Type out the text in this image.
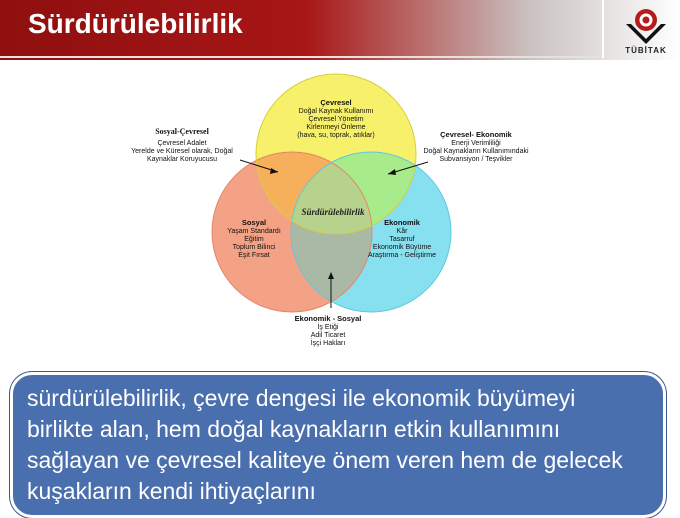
Sürdürülebilirlik
TÜBİTAK
Sürdürülebilirlik
Çevresel
Doğal Kaynak Kullanımı
Çevresel Yönetim
Kirlenmeyi Önleme
(hava, su, toprak, atıklar)
Sosyal
Yaşam Standardı
Eğitim
Toplum Bilinci
Eşit Fırsat
Ekonomik
Kâr
Tasarruf
Ekonomik Büyüme
Araştırma - Geliştirme
Sosyal-Çevresel
Çevresel Adalet
Yerelde ve Küresel olarak, Doğal
Kaynaklar Koruyucusu
Çevresel- Ekonomik
Enerji Verimliliği
Doğal Kaynakların Kullanımındaki
Subvansiyon / Teşvikler
Ekonomik - Sosyal
İş Etiği
Adil Ticaret
İşçi Hakları
sürdürülebilirlik, çevre dengesi ile ekonomik büyümeyi birlikte alan, hem doğal kaynakların etkin kullanımını sağlayan ve çevresel kaliteye önem veren hem de gelecek kuşakların kendi ihtiyaçlarını
